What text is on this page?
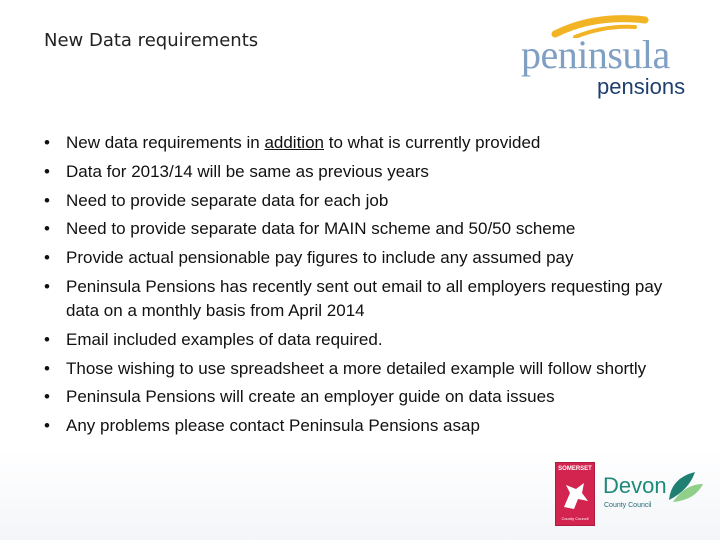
New Data requirements	peninsula
pensions
• New data requirements in addition to what is currently provided
• Data for 2013/14 will be same as previous years
• Need to provide separate data for each job
• Need to provide separate data for MAIN scheme and 50/50 scheme
• Provide actual pensionable pay figures to include any assumed pay
• Peninsula Pensions has recently sent out email to all employers requesting pay data on a monthly basis from April 2014
• Email included examples of data required.
• Those wishing to use spreadsheet a more detailed example will follow shortly
• Peninsula Pensions will create an employer guide on data issues
• Any problems please contact Peninsula Pensions asap
SOMERSET
County Council
Devon
County Council
